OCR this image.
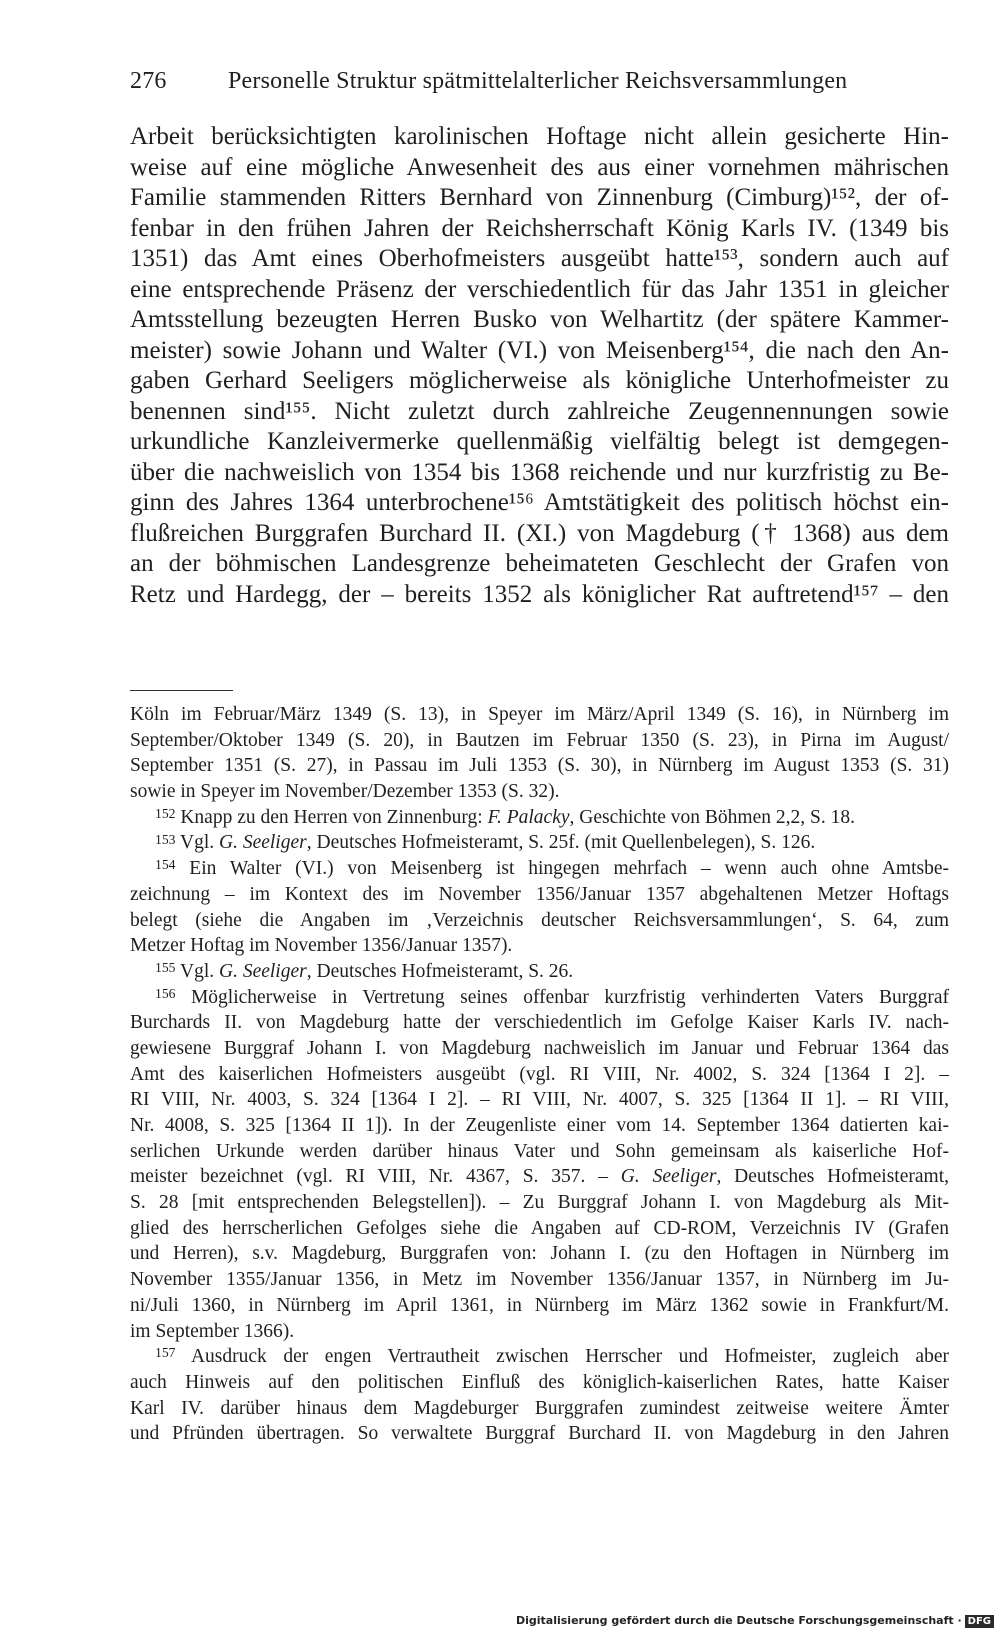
276	Personelle Struktur spätmittelalterlicher Reichsversammlungen
Arbeit berücksichtigten karolinischen Hoftage nicht allein gesicherte Hin-
weise auf eine mögliche Anwesenheit des aus einer vornehmen mährischen
Familie stammenden Ritters Bernhard von Zinnenburg (Cimburg)¹⁵², der of-
fenbar in den frühen Jahren der Reichsherrschaft König Karls IV. (1349 bis
1351) das Amt eines Oberhofmeisters ausgeübt hatte¹⁵³, sondern auch auf
eine entsprechende Präsenz der verschiedentlich für das Jahr 1351 in gleicher
Amtsstellung bezeugten Herren Busko von Welhartitz (der spätere Kammer-
meister) sowie Johann und Walter (VI.) von Meisenberg¹⁵⁴, die nach den An-
gaben Gerhard Seeligers möglicherweise als königliche Unterhofmeister zu
benennen sind¹⁵⁵. Nicht zuletzt durch zahlreiche Zeugennennungen sowie
urkundliche Kanzleivermerke quellenmäßig vielfältig belegt ist demgegen-
über die nachweislich von 1354 bis 1368 reichende und nur kurzfristig zu Be-
ginn des Jahres 1364 unterbrochene¹⁵⁶ Amtstätigkeit des politisch höchst ein-
flußreichen Burggrafen Burchard II. (XI.) von Magdeburg († 1368) aus dem
an der böhmischen Landesgrenze beheimateten Geschlecht der Grafen von
Retz und Hardegg, der – bereits 1352 als königlicher Rat auftretend¹⁵⁷ – den
Köln im Februar/März 1349 (S. 13), in Speyer im März/April 1349 (S. 16), in Nürnberg im
September/Oktober 1349 (S. 20), in Bautzen im Februar 1350 (S. 23), in Pirna im August/
September 1351 (S. 27), in Passau im Juli 1353 (S. 30), in Nürnberg im August 1353 (S. 31)
sowie in Speyer im November/Dezember 1353 (S. 32).
$^{152}$ Knapp zu den Herren von Zinnenburg: F. Palacky, Geschichte von Böhmen 2,2, S. 18.
$^{153}$ Vgl. G. Seeliger, Deutsches Hofmeisteramt, S. 25f. (mit Quellenbelegen), S. 126.
$^{154}$ Ein Walter (VI.) von Meisenberg ist hingegen mehrfach – wenn auch ohne Amtsbe-
zeichnung – im Kontext des im November 1356/Januar 1357 abgehaltenen Metzer Hoftags
belegt (siehe die Angaben im ‚Verzeichnis deutscher Reichsversammlungen‘, S. 64, zum
Metzer Hoftag im November 1356/Januar 1357).
$^{155}$ Vgl. G. Seeliger, Deutsches Hofmeisteramt, S. 26.
$^{156}$ Möglicherweise in Vertretung seines offenbar kurzfristig verhinderten Vaters Burggraf
Burchards II. von Magdeburg hatte der verschiedentlich im Gefolge Kaiser Karls IV. nach-
gewiesene Burggraf Johann I. von Magdeburg nachweislich im Januar und Februar 1364 das
Amt des kaiserlichen Hofmeisters ausgeübt (vgl. RI VIII, Nr. 4002, S. 324 [1364 I 2]. –
RI VIII, Nr. 4003, S. 324 [1364 I 2]. – RI VIII, Nr. 4007, S. 325 [1364 II 1]. – RI VIII,
Nr. 4008, S. 325 [1364 II 1]). In der Zeugenliste einer vom 14. September 1364 datierten kai-
serlichen Urkunde werden darüber hinaus Vater und Sohn gemeinsam als kaiserliche Hof-
meister bezeichnet (vgl. RI VIII, Nr. 4367, S. 357. – G. Seeliger, Deutsches Hofmeisteramt,
S. 28 [mit entsprechenden Belegstellen]). – Zu Burggraf Johann I. von Magdeburg als Mit-
glied des herrscherlichen Gefolges siehe die Angaben auf CD-ROM, Verzeichnis IV (Grafen
und Herren), s.v. Magdeburg, Burggrafen von: Johann I. (zu den Hoftagen in Nürnberg im
November 1355/Januar 1356, in Metz im November 1356/Januar 1357, in Nürnberg im Ju-
ni/Juli 1360, in Nürnberg im April 1361, in Nürnberg im März 1362 sowie in Frankfurt/M.
im September 1366).
$^{157}$ Ausdruck der engen Vertrautheit zwischen Herrscher und Hofmeister, zugleich aber
auch Hinweis auf den politischen Einfluß des königlich-kaiserlichen Rates, hatte Kaiser
Karl IV. darüber hinaus dem Magdeburger Burggrafen zumindest zeitweise weitere Ämter
und Pfründen übertragen. So verwaltete Burggraf Burchard II. von Magdeburg in den Jahren
Digitalisierung gefördert durch die Deutsche Forschungsgemeinschaft · DFG
